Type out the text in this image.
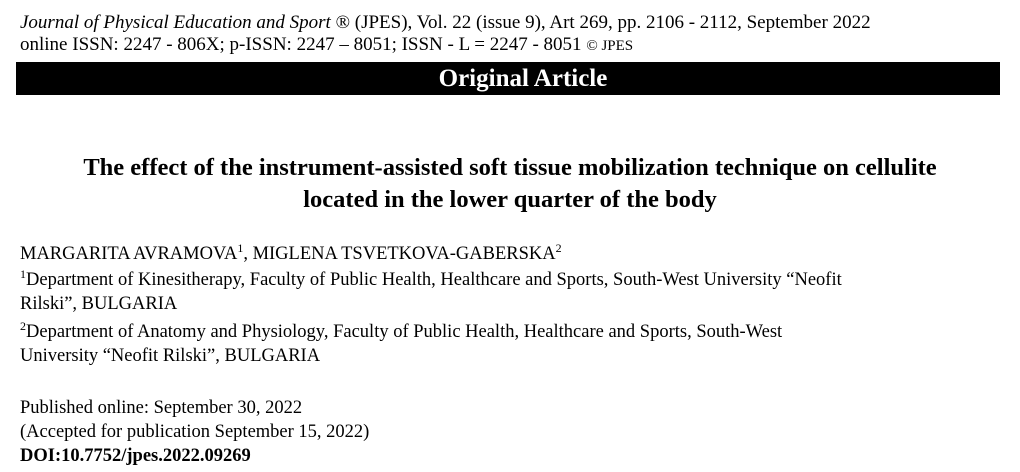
Journal of Physical Education and Sport ® (JPES), Vol. 22 (issue 9), Art 269, pp. 2106 - 2112, September 2022
online ISSN: 2247 - 806X; p-ISSN: 2247 – 8051; ISSN - L = 2247 - 8051 © JPES
Original Article
The effect of the instrument-assisted soft tissue mobilization technique on cellulite
located in the lower quarter of the body
MARGARITA AVRAMOVA$^1$, MIGLENA TSVETKOVA-GABERSKA$^2$
$^1$Department of Kinesitherapy, Faculty of Public Health, Healthcare and Sports, South-West University “Neofit
Rilski”, BULGARIA
$^2$Department of Anatomy and Physiology, Faculty of Public Health, Healthcare and Sports, South-West
University “Neofit Rilski”, BULGARIA
Published online: September 30, 2022
(Accepted for publication September 15, 2022)
DOI:10.7752/jpes.2022.09269
